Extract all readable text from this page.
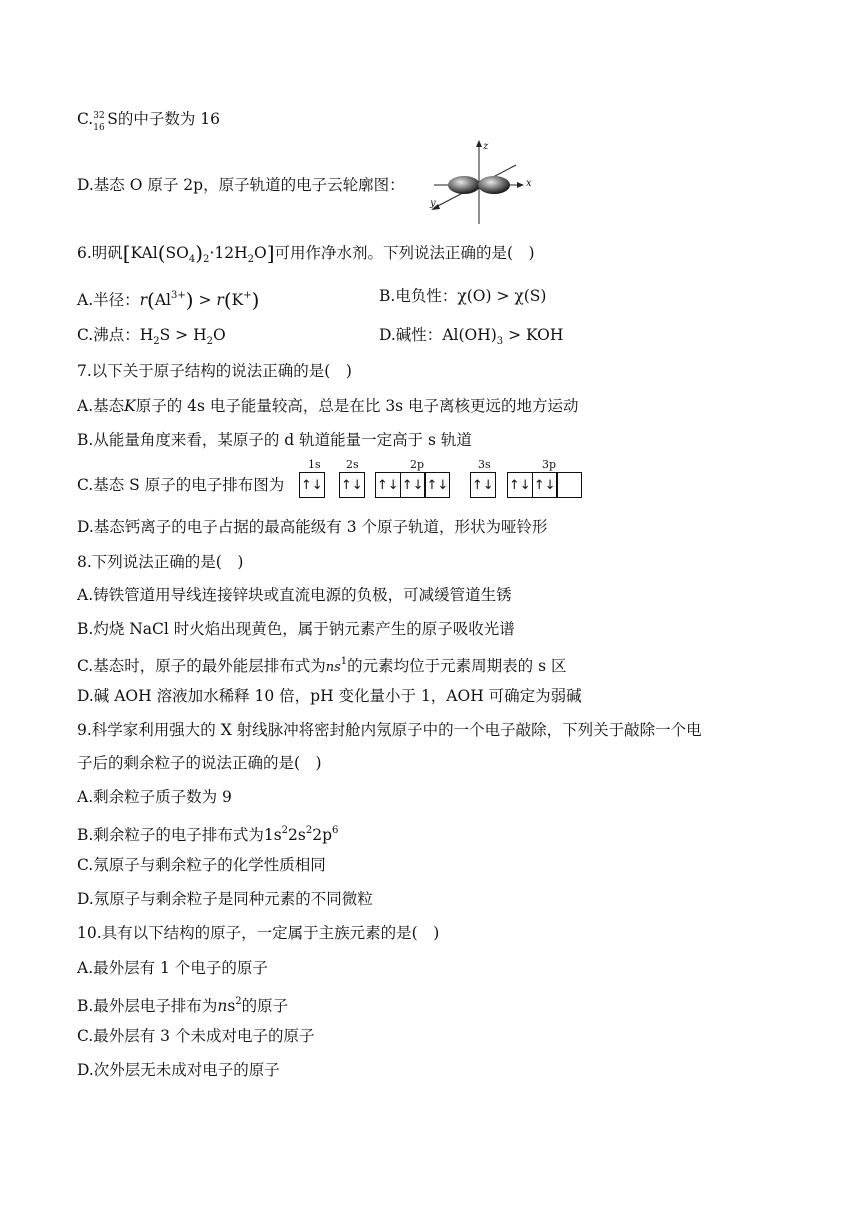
C. 32
16 S的中子数为 16
D.基态 O 原子 2p，原子轨道的电子云轮廓图：
z
x
y
6.明矾$[KAl(SO_4)_2\cdot 12H_2O]$可用作净水剂。下列说法正确的是(　)
A.半径：$r(Al^{3+}) > r(K^+)$	B.电负性：χ(O) > χ(S)
C.沸点：$H_2S > H_2O$	D.碱性：$Al(OH)_3$ > KOH
7.以下关于原子结构的说法正确的是(　)
A.基态K原子的 4s 电子能量较高，总是在比 3s 电子离核更远的地方运动
B.从能量角度来看，某原子的 d 轨道能量一定高于 s 轨道
C.基态 S 原子的电子排布图为
1s
↑↓
2s
↑↓
2p
↑↓ ↑↓ ↑↓
3s
↑↓
3p
↑↓ ↑↓
D.基态钙离子的电子占据的最高能级有 3 个原子轨道，形状为哑铃形
8.下列说法正确的是(　)
A.铸铁管道用导线连接锌块或直流电源的负极，可减缓管道生锈
B.灼烧 NaCl 时火焰出现黄色，属于钠元素产生的原子吸收光谱
C.基态时，原子的最外能层排布式为$ns^1$的元素均位于元素周期表的 s 区
D.碱 AOH 溶液加水稀释 10 倍，pH 变化量小于 1，AOH 可确定为弱碱
9.科学家利用强大的 X 射线脉冲将密封舱内氖原子中的一个电子敲除，下列关于敲除一个电
子后的剩余粒子的说法正确的是(　)
A.剩余粒子质子数为 9
B.剩余粒子的电子排布式为$1s^22s^22p^6$
C.氖原子与剩余粒子的化学性质相同
D.氖原子与剩余粒子是同种元素的不同微粒
10.具有以下结构的原子，一定属于主族元素的是(　)
A.最外层有 1 个电子的原子
B.最外层电子排布为$ns^2$的原子
C.最外层有 3 个未成对电子的原子
D.次外层无未成对电子的原子
